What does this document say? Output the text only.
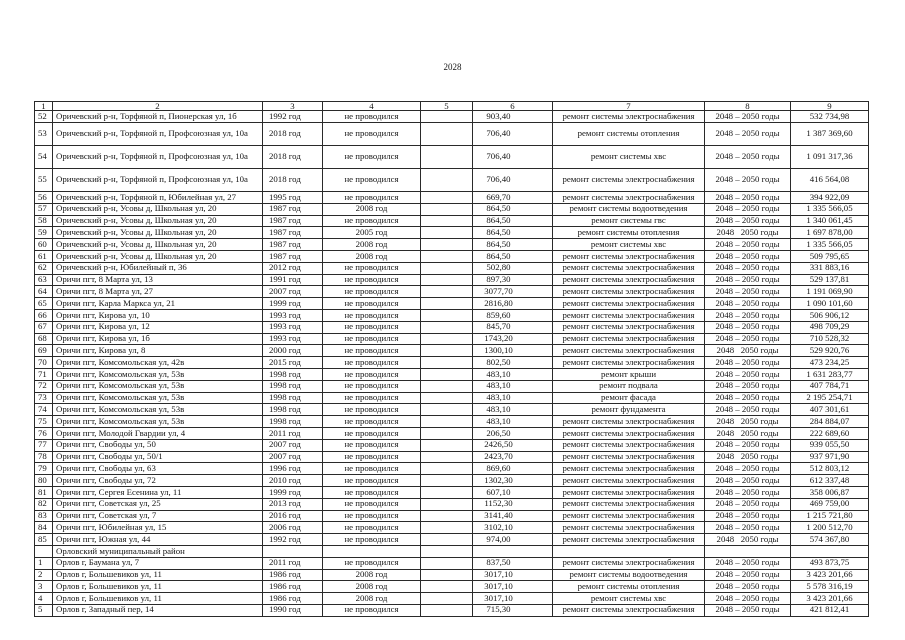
2028
1	2	3	4	5	6	7	8	9
52	Оричевский р-н, Торфяной п, Пионерская ул, 1б	1992 год	не проводился		903,40	ремонт системы электроснабжения	2048 – 2050 годы	532 734,98
53	Оричевский р-н, Торфяной п, Профсоюзная ул, 10а	2018 год	не проводился		706,40	ремонт системы отопления	2048 – 2050 годы	1 387 369,60
54	Оричевский р-н, Торфяной п, Профсоюзная ул, 10а	2018 год	не проводился		706,40	ремонт системы хвс	2048 – 2050 годы	1 091 317,36
55	Оричевский р-н, Торфяной п, Профсоюзная ул, 10а	2018 год	не проводился		706,40	ремонт системы электроснабжения	2048 – 2050 годы	416 564,08
56	Оричевский р-н, Торфяной п, Юбилейная ул, 27	1995 год	не проводился		669,70	ремонт системы электроснабжения	2048 – 2050 годы	394 922,09
57	Оричевский р-н, Усовы д, Школьная ул, 20	1987 год	2008 год		864,50	ремонт системы водоотведения	2048 – 2050 годы	1 335 566,05
58	Оричевский р-н, Усовы д, Школьная ул, 20	1987 год	не проводился		864,50	ремонт системы гвс	2048 – 2050 годы	1 340 061,45
59	Оричевский р-н, Усовы д, Школьная ул, 20	1987 год	2005 год		864,50	ремонт системы отопления	2048   2050 годы	1 697 878,00
60	Оричевский р-н, Усовы д, Школьная ул, 20	1987 год	2008 год		864,50	ремонт системы хвс	2048 – 2050 годы	1 335 566,05
61	Оричевский р-н, Усовы д, Школьная ул, 20	1987 год	2008 год		864,50	ремонт системы электроснабжения	2048 – 2050 годы	509 795,65
62	Оричевский р-н, Юбилейный п, 36	2012 год	не проводился		502,80	ремонт системы электроснабжения	2048 – 2050 годы	331 883,16
63	Оричи пгт, 8 Марта ул, 13	1991 год	не проводился		897,30	ремонт системы электроснабжения	2048 – 2050 годы	529 137,81
64	Оричи пгт, 8 Марта ул, 27	2007 год	не проводился		3077,70	ремонт системы электроснабжения	2048 – 2050 годы	1 191 069,90
65	Оричи пгт, Карла Маркса ул, 21	1999 год	не проводился		2816,80	ремонт системы электроснабжения	2048 – 2050 годы	1 090 101,60
66	Оричи пгт, Кирова ул, 10	1993 год	не проводился		859,60	ремонт системы электроснабжения	2048 – 2050 годы	506 906,12
67	Оричи пгт, Кирова ул, 12	1993 год	не проводился		845,70	ремонт системы электроснабжения	2048 – 2050 годы	498 709,29
68	Оричи пгт, Кирова ул, 1б	1993 год	не проводился		1743,20	ремонт системы электроснабжения	2048 – 2050 годы	710 528,32
69	Оричи пгт, Кирова ул, 8	2000 год	не проводился		1300,10	ремонт системы электроснабжения	2048   2050 годы	529 920,76
70	Оричи пгт, Комсомольская ул, 42в	2015 год	не проводился		802,50	ремонт системы электроснабжения	2048 – 2050 годы	473 234,25
71	Оричи пгт, Комсомольская ул, 53в	1998 год	не проводился		483,10	ремонт крыши	2048 – 2050 годы	1 631 283,77
72	Оричи пгт, Комсомольская ул, 53в	1998 год	не проводился		483,10	ремонт подвала	2048 – 2050 годы	407 784,71
73	Оричи пгт, Комсомольская ул, 53в	1998 год	не проводился		483,10	ремонт фасада	2048 – 2050 годы	2 195 254,71
74	Оричи пгт, Комсомольская ул, 53в	1998 год	не проводился		483,10	ремонт фундамента	2048 – 2050 годы	407 301,61
75	Оричи пгт, Комсомольская ул, 53в	1998 год	не проводился		483,10	ремонт системы электроснабжения	2048   2050 годы	284 884,07
76	Оричи пгт, Молодой Гвардии ул, 4	2011 год	не проводился		206,50	ремонт системы электроснабжения	2048   2050 годы	222 689,60
77	Оричи пгт, Свободы ул, 50	2007 год	не проводился		2426,50	ремонт системы электроснабжения	2048 – 2050 годы	939 055,50
78	Оричи пгт, Свободы ул, 50/1	2007 год	не проводился		2423,70	ремонт системы электроснабжения	2048   2050 годы	937 971,90
79	Оричи пгт, Свободы ул, 63	1996 год	не проводился		869,60	ремонт системы электроснабжения	2048 – 2050 годы	512 803,12
80	Оричи пгт, Свободы ул, 72	2010 год	не проводился		1302,30	ремонт системы электроснабжения	2048 – 2050 годы	612 337,48
81	Оричи пгт, Сергея Есенина ул, 11	1999 год	не проводился		607,10	ремонт системы электроснабжения	2048 – 2050 годы	358 006,87
82	Оричи пгт, Советская ул, 25	2013 год	не проводился		1152,30	ремонт системы электроснабжения	2048 – 2050 годы	469 759,00
83	Оричи пгт, Советская ул, 7	2016 год	не проводился		3141,40	ремонт системы электроснабжения	2048 – 2050 годы	1 215 721,80
84	Оричи пгт, Юбилейная ул, 15	2006 год	не проводился		3102,10	ремонт системы электроснабжения	2048 – 2050 годы	1 200 512,70
85	Оричи пгт, Южная ул, 44	1992 год	не проводился		974,00	ремонт системы электроснабжения	2048   2050 годы	574 367,80
	Орловский муниципальный район							
1	Орлов г, Баумана ул, 7	2011 год	не проводился		837,50	ремонт системы электроснабжения	2048 – 2050 годы	493 873,75
2	Орлов г, Большевиков ул, 11	1986 год	2008 год		3017,10	ремонт системы водоотведения	2048 – 2050 годы	3 423 201,66
3	Орлов г, Большевиков ул, 11	1986 год	2008 год		3017,10	ремонт системы отопления	2048 – 2050 годы	5 578 316,19
4	Орлов г, Большевиков ул, 11	1986 год	2008 год		3017,10	ремонт системы хвс	2048 – 2050 годы	3 423 201,66
5	Орлов г, Западный пер, 14	1990 год	не проводился		715,30	ремонт системы электроснабжения	2048 – 2050 годы	421 812,41
